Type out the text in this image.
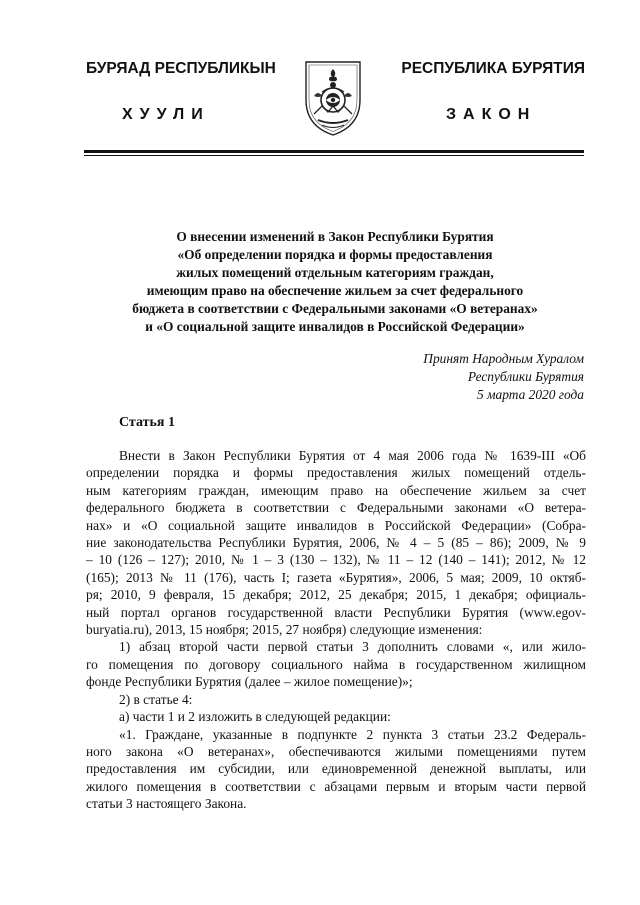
БУРЯАД РЕСПУБЛИКЫН
ХУУЛИ
РЕСПУБЛИКА БУРЯТИЯ
ЗАКОН
О внесении изменений в Закон Республики Бурятия
«Об определении порядка и формы предоставления
жилых помещений отдельным категориям граждан,
имеющим право на обеспечение жильем за счет федерального
бюджета в соответствии с Федеральными законами «О ветеранах»
и «О социальной защите инвалидов в Российской Федерации»
Принят Народным Хуралом
Республики Бурятия
5 марта 2020 года
Статья 1
Внести в Закон Республики Бурятия от 4 мая 2006 года № 1639-III «Об
определении порядка и формы предоставления жилых помещений отдель-
ным категориям граждан, имеющим право на обеспечение жильем за счет
федерального бюджета в соответствии с Федеральными законами «О ветера-
нах» и «О социальной защите инвалидов в Российской Федерации» (Собра-
ние законодательства Республики Бурятия, 2006, № 4 – 5 (85 – 86); 2009, № 9
– 10 (126 – 127); 2010, № 1 – 3 (130 – 132), № 11 – 12 (140 – 141); 2012, № 12
(165); 2013 № 11 (176), часть I; газета «Бурятия», 2006, 5 мая; 2009, 10 октяб-
ря; 2010, 9 февраля, 15 декабря; 2012, 25 декабря; 2015, 1 декабря; официаль-
ный портал органов государственной власти Республики Бурятия (www.egov-
buryatia.ru), 2013, 15 ноября; 2015, 27 ноября) следующие изменения:
1) абзац второй части первой статьи 3 дополнить словами «, или жило-
го помещения по договору социального найма в государственном жилищном
фонде Республики Бурятия (далее – жилое помещение)»;
2) в статье 4:
а) части 1 и 2 изложить в следующей редакции:
«1. Граждане, указанные в подпункте 2 пункта 3 статьи 23.2 Федераль-
ного закона «О ветеранах», обеспечиваются жилыми помещениями путем
предоставления им субсидии, или единовременной денежной выплаты, или
жилого помещения в соответствии с абзацами первым и вторым части первой
статьи 3 настоящего Закона.
